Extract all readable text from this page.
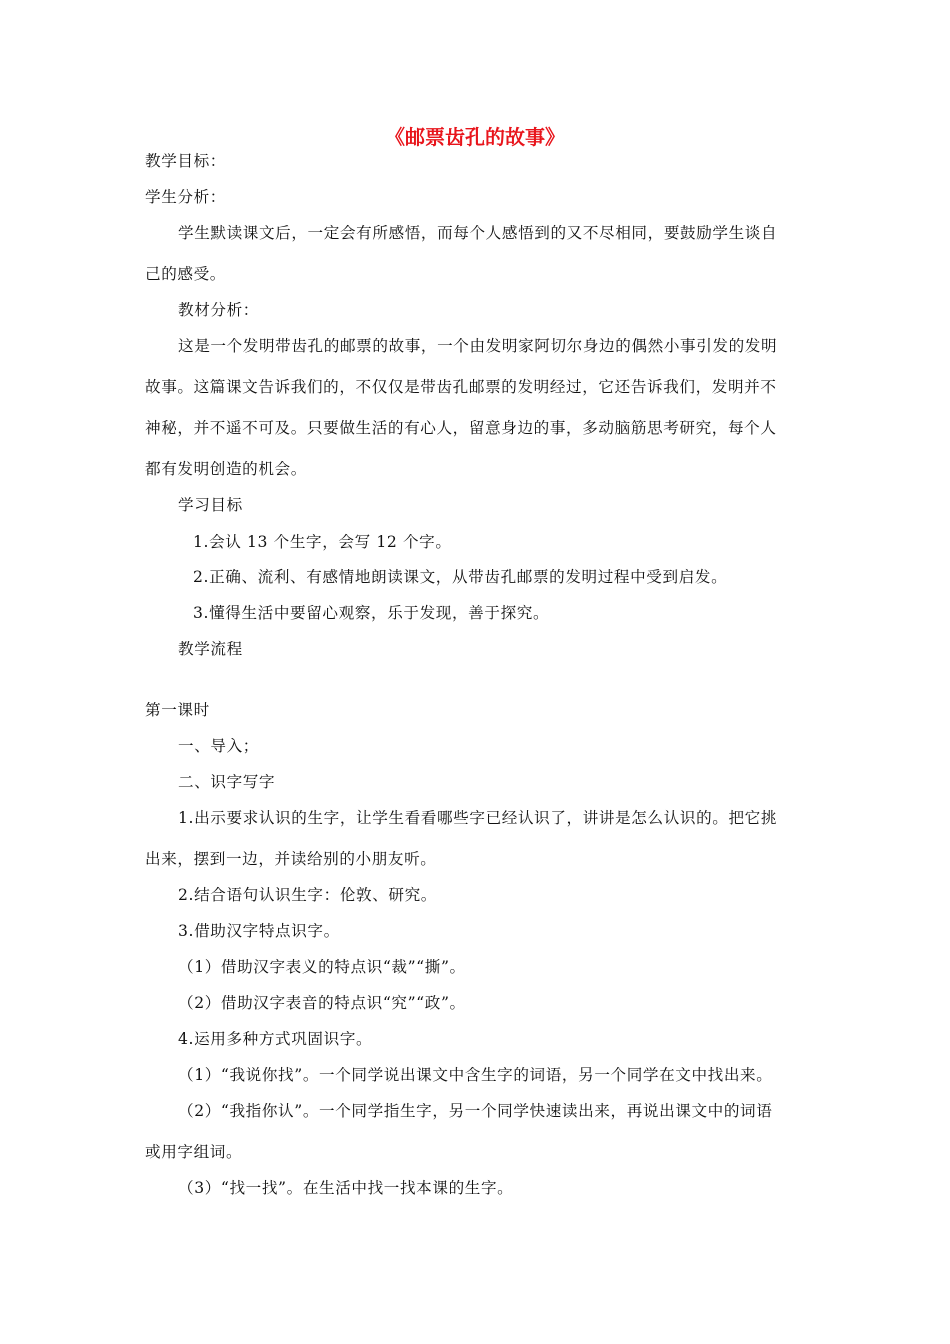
《邮票齿孔的故事》
教学目标：
学生分析：
学生默读课文后，一定会有所感悟，而每个人感悟到的又不尽相同，要鼓励学生谈自
己的感受。
教材分析：
这是一个发明带齿孔的邮票的故事，一个由发明家阿切尔身边的偶然小事引发的发明
故事。这篇课文告诉我们的，不仅仅是带齿孔邮票的发明经过，它还告诉我们，发明并不
神秘，并不遥不可及。只要做生活的有心人，留意身边的事，多动脑筋思考研究，每个人
都有发明创造的机会。
学习目标
1.会认 13 个生字，会写 12 个字。
2.正确、流利、有感情地朗读课文，从带齿孔邮票的发明过程中受到启发。
3.懂得生活中要留心观察，乐于发现，善于探究。
教学流程
第一课时
一、导入；
二、识字写字
1.出示要求认识的生字，让学生看看哪些字已经认识了，讲讲是怎么认识的。把它挑
出来，摆到一边，并读给别的小朋友听。
2.结合语句认识生字：伦敦、研究。
3.借助汉字特点识字。
（1）借助汉字表义的特点识“裁”“撕”。
（2）借助汉字表音的特点识“究”“政”。
4.运用多种方式巩固识字。
（1）“我说你找”。一个同学说出课文中含生字的词语，另一个同学在文中找出来。
（2）“我指你认”。一个同学指生字，另一个同学快速读出来，再说出课文中的词语
或用字组词。
（3）“找一找”。在生活中找一找本课的生字。
